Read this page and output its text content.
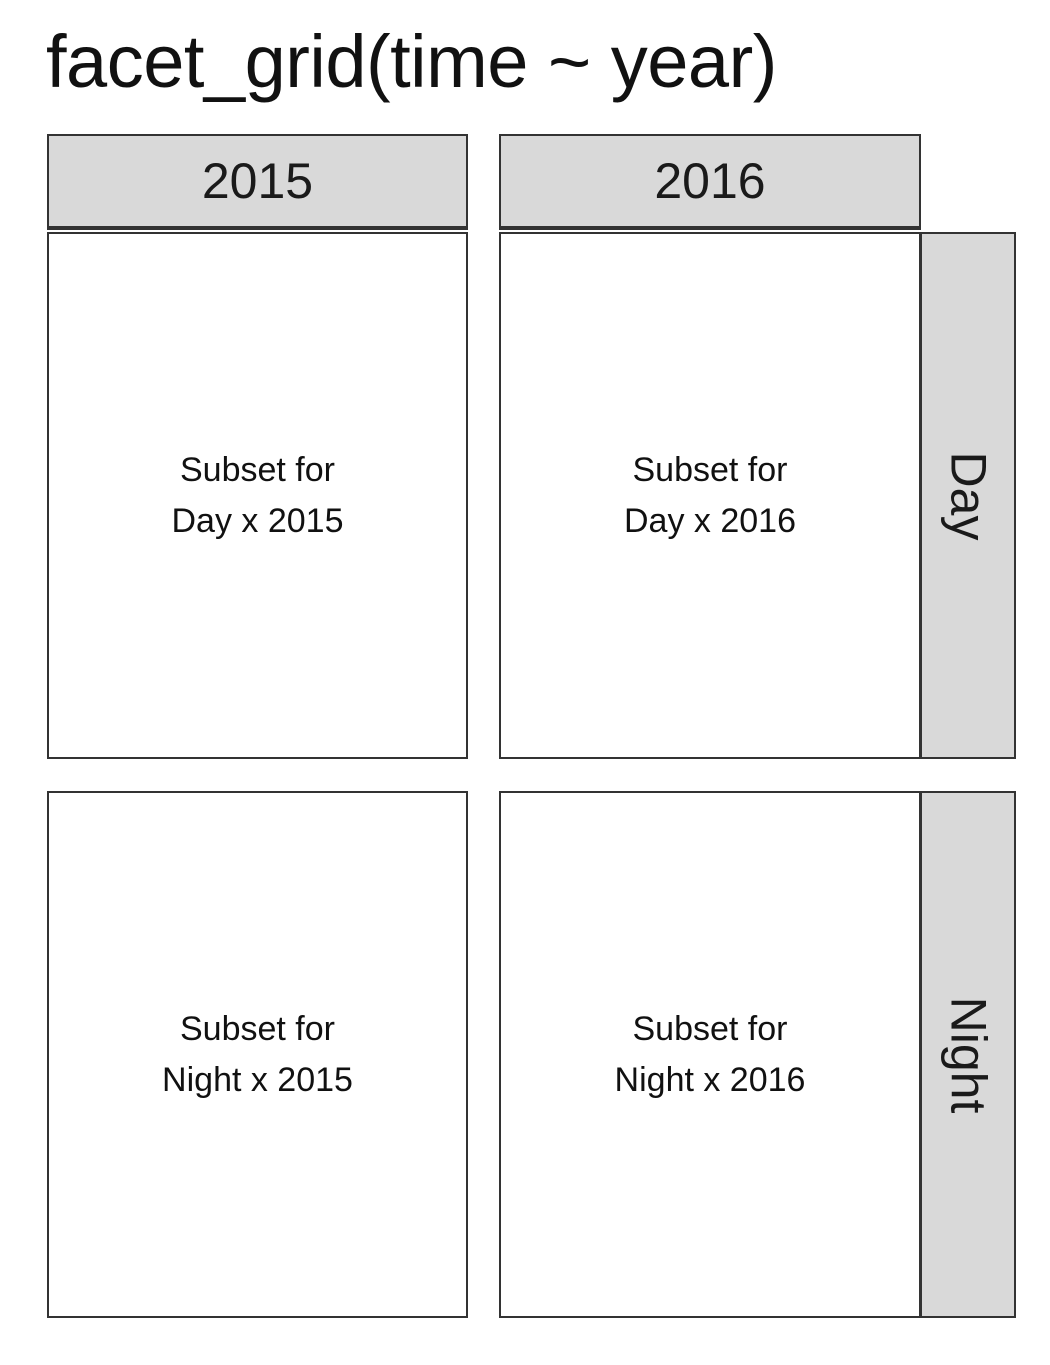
facet_grid(time ~ year)
2015	2016
Day
Night
Subset for
Day x 2015
Subset for
Day x 2016
Subset for
Night x 2015
Subset for
Night x 2016
